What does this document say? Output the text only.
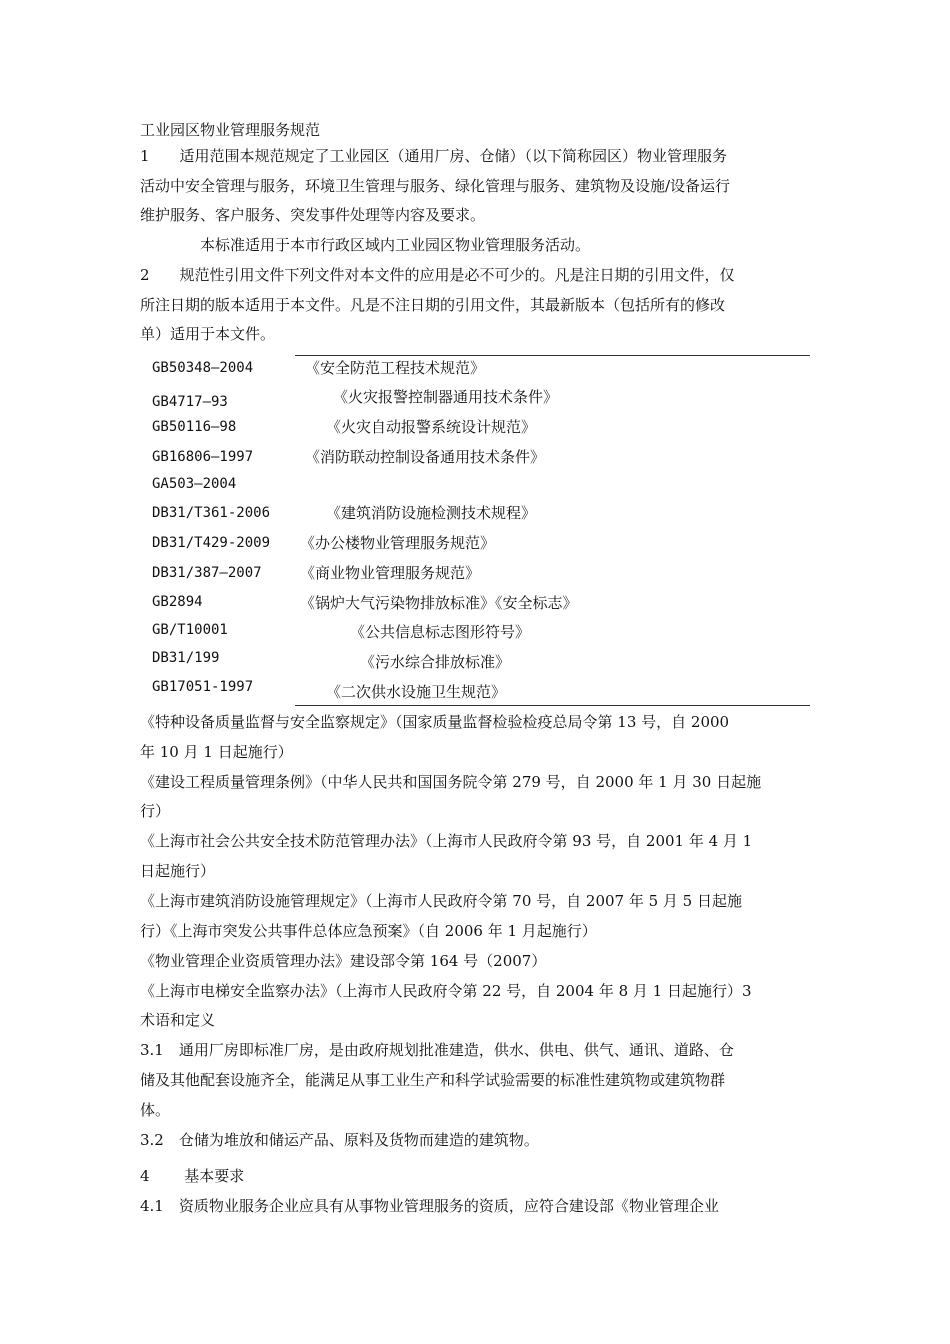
工业园区物业管理服务规范
1　　适用范围本规范规定了工业园区（通用厂房、仓储）（以下简称园区）物业管理服务
活动中安全管理与服务，环境卫生管理与服务、绿化管理与服务、建筑物及设施/设备运行
维护服务、客户服务、突发事件处理等内容及要求。
　　　　本标准适用于本市行政区域内工业园区物业管理服务活动。
2　　规范性引用文件下列文件对本文件的应用是必不可少的。凡是注日期的引用文件，仅
所注日期的版本适用于本文件。凡是不注日期的引用文件，其最新版本（包括所有的修改
单）适用于本文件。
GB50348—2004	《安全防范工程技术规范》
GB4717—93	《火灾报警控制器通用技术条件》
GB50116—98	《火灾自动报警系统设计规范》
GB16806—1997	《消防联动控制设备通用技术条件》
GA503—2004
DB31/T361-2006	《建筑消防设施检测技术规程》
DB31/T429-2009 《办公楼物业管理服务规范》
DB31/387—2007	《商业物业管理服务规范》
GB2894	《锅炉大气污染物排放标准》《安全标志》
GB/T10001	《公共信息标志图形符号》
DB31/199	《污水综合排放标准》
GB17051-1997	《二次供水设施卫生规范》
《特种设备质量监督与安全监察规定》（国家质量监督检验检疫总局令第 13 号，自 2000
年 10 月 1 日起施行）
《建设工程质量管理条例》（中华人民共和国国务院令第 279 号，自 2000 年 1 月 30 日起施
行）
《上海市社会公共安全技术防范管理办法》（上海市人民政府令第 93 号，自 2001 年 4 月 1
日起施行）
《上海市建筑消防设施管理规定》（上海市人民政府令第 70 号，自 2007 年 5 月 5 日起施
行）《上海市突发公共事件总体应急预案》（自 2006 年 1 月起施行）
《物业管理企业资质管理办法》建设部令第 164 号（2007）
《上海市电梯安全监察办法》（上海市人民政府令第 22 号，自 2004 年 8 月 1 日起施行）3
术语和定义
3.1　通用厂房即标准厂房，是由政府规划批准建造，供水、供电、供气、通讯、道路、仓
储及其他配套设施齐全，能满足从事工业生产和科学试验需要的标准性建筑物或建筑物群
体。
3.2　仓储为堆放和储运产品、原料及货物而建造的建筑物。
4　　 基本要求
4.1　资质物业服务企业应具有从事物业管理服务的资质，应符合建设部《物业管理企业
